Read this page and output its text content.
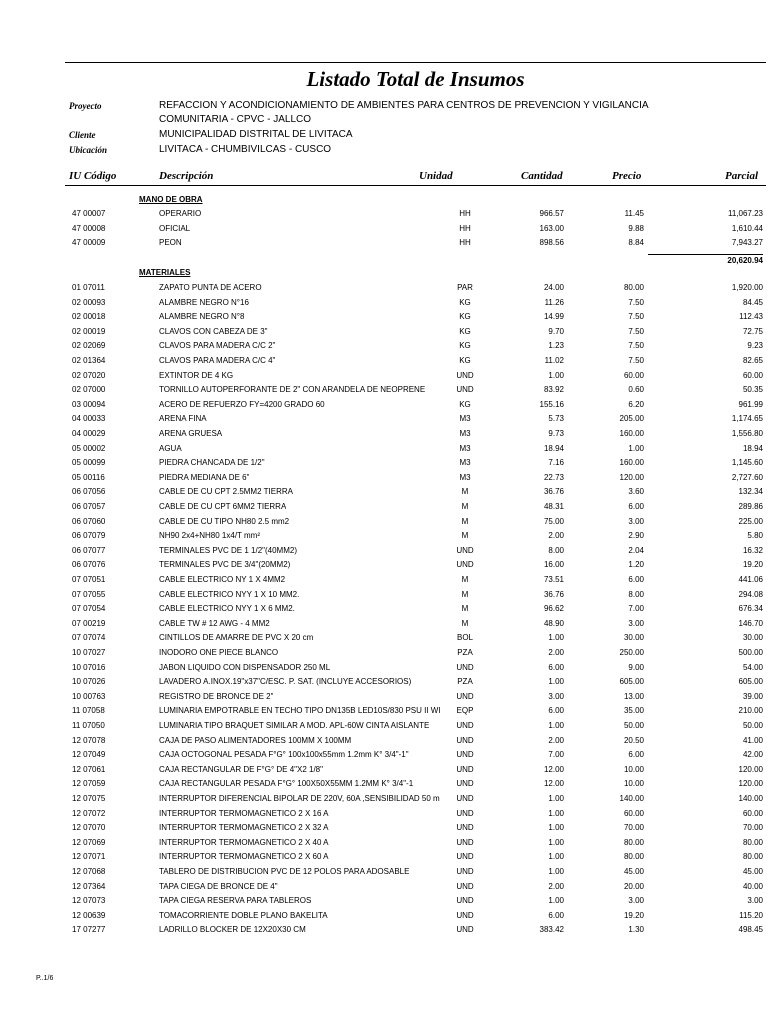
Listado Total de Insumos
Proyecto	REFACCION Y ACONDICIONAMIENTO DE AMBIENTES PARA CENTROS DE PREVENCION Y VIGILANCIA
COMUNITARIA - CPVC - JALLCO
Cliente	MUNICIPALIDAD DISTRITAL DE LIVITACA
Ubicación	LIVITACA - CHUMBIVILCAS - CUSCO
IU Código	Descripción	Unidad	Cantidad	Precio	Parcial
MANO DE OBRA
47 00007	OPERARIO	HH	966.57	11.45	11,067.23
47 00008	OFICIAL	HH	163.00	9.88	1,610.44
47 00009	PEON	HH	898.56	8.84	7,943.27
20,620.94
MATERIALES
01 07011	ZAPATO PUNTA DE ACERO	PAR	24.00	80.00	1,920.00
02 00093	ALAMBRE NEGRO N°16	KG	11.26	7.50	84.45
02 00018	ALAMBRE NEGRO N°8	KG	14.99	7.50	112.43
02 00019	CLAVOS CON CABEZA DE 3"	KG	9.70	7.50	72.75
02 02069	CLAVOS PARA MADERA C/C 2"	KG	1.23	7.50	9.23
02 01364	CLAVOS PARA MADERA C/C 4"	KG	11.02	7.50	82.65
02 07020	EXTINTOR DE 4 KG	UND	1.00	60.00	60.00
02 07000	TORNILLO AUTOPERFORANTE DE 2" CON ARANDELA DE NEOPRENE	UND	83.92	0.60	50.35
03 00094	ACERO DE REFUERZO FY=4200 GRADO 60	KG	155.16	6.20	961.99
04 00033	ARENA FINA	M3	5.73	205.00	1,174.65
04 00029	ARENA GRUESA	M3	9.73	160.00	1,556.80
05 00002	AGUA	M3	18.94	1.00	18.94
05 00099	PIEDRA CHANCADA DE 1/2"	M3	7.16	160.00	1,145.60
05 00116	PIEDRA MEDIANA DE 6"	M3	22.73	120.00	2,727.60
06 07056	CABLE DE CU CPT 2.5MM2 TIERRA	M	36.76	3.60	132.34
06 07057	CABLE DE CU CPT 6MM2 TIERRA	M	48.31	6.00	289.86
06 07060	CABLE DE CU TIPO NH80 2.5 mm2	M	75.00	3.00	225.00
06 07079	NH90 2x4+NH80 1x4/T mm²	M	2.00	2.90	5.80
06 07077	TERMINALES PVC DE 1 1/2"(40MM2)	UND	8.00	2.04	16.32
06 07076	TERMINALES PVC DE 3/4"(20MM2)	UND	16.00	1.20	19.20
07 07051	CABLE ELECTRICO NY 1 X 4MM2	M	73.51	6.00	441.06
07 07055	CABLE ELECTRICO NYY 1 X 10 MM2.	M	36.76	8.00	294.08
07 07054	CABLE ELECTRICO NYY 1 X 6 MM2.	M	96.62	7.00	676.34
07 00219	CABLE TW # 12 AWG - 4 MM2	M	48.90	3.00	146.70
07 07074	CINTILLOS DE AMARRE DE PVC X 20 cm	BOL	1.00	30.00	30.00
10 07027	INODORO ONE PIECE BLANCO	PZA	2.00	250.00	500.00
10 07016	JABON LIQUIDO CON DISPENSADOR 250 ML	UND	6.00	9.00	54.00
10 07026	LAVADERO A.INOX.19"x37"C/ESC. P. SAT. (INCLUYE ACCESORIOS)	PZA	1.00	605.00	605.00
10 00763	REGISTRO DE BRONCE DE 2"	UND	3.00	13.00	39.00
11 07058	LUMINARIA EMPOTRABLE EN TECHO TIPO DN135B LED10S/830 PSU II WI	EQP	6.00	35.00	210.00
11 07050	LUMINARIA TIPO BRAQUET SIMILAR A MOD. APL-60W CINTA AISLANTE	UND	1.00	50.00	50.00
12 07078	CAJA DE PASO ALIMENTADORES 100MM X 100MM	UND	2.00	20.50	41.00
12 07049	CAJA OCTOGONAL PESADA F°G° 100x100x55mm 1.2mm K° 3/4"-1"	UND	7.00	6.00	42.00
12 07061	CAJA RECTANGULAR DE F°G° DE 4"X2 1/8"	UND	12.00	10.00	120.00
12 07059	CAJA RECTANGULAR PESADA F°G° 100X50X55MM 1.2MM K° 3/4"-1	UND	12.00	10.00	120.00
12 07075	INTERRUPTOR DIFERENCIAL BIPOLAR DE 220V, 60A ,SENSIBILIDAD 50 m	UND	1.00	140.00	140.00
12 07072	INTERRUPTOR TERMOMAGNETICO 2 X 16 A	UND	1.00	60.00	60.00
12 07070	INTERRUPTOR TERMOMAGNETICO 2 X 32 A	UND	1.00	70.00	70.00
12 07069	INTERRUPTOR TERMOMAGNETICO 2 X 40 A	UND	1.00	80.00	80.00
12 07071	INTERRUPTOR TERMOMAGNETICO 2 X 60 A	UND	1.00	80.00	80.00
12 07068	TABLERO DE DISTRIBUCION PVC DE 12 POLOS PARA ADOSABLE	UND	1.00	45.00	45.00
12 07364	TAPA CIEGA DE BRONCE DE 4"	UND	2.00	20.00	40.00
12 07073	TAPA CIEGA RESERVA PARA TABLEROS	UND	1.00	3.00	3.00
12 00639	TOMACORRIENTE DOBLE PLANO BAKELITA	UND	6.00	19.20	115.20
17 07277	LADRILLO BLOCKER DE 12X20X30 CM	UND	383.42	1.30	498.45
P..1/6
